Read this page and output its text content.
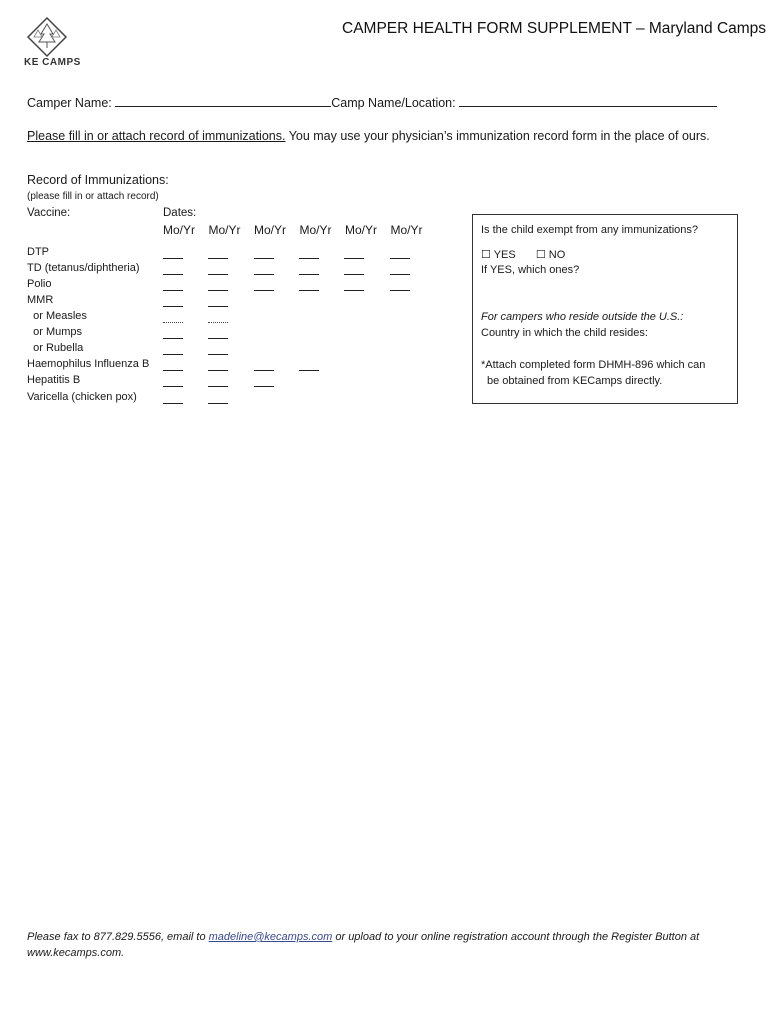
KE CAMPS
CAMPER HEALTH FORM SUPPLEMENT – Maryland Camps
Camper Name:	Camp Name/Location:
Please fill in or attach record of immunizations. You may use your physician’s immunization record form in the place of ours.
Record of Immunizations:
(please fill in or attach record)
Vaccine:	Dates:
Mo/Yr Mo/Yr Mo/Yr Mo/Yr Mo/Yr Mo/Yr
DTP
TD (tetanus/diphtheria)
Polio
MMR
or Measles
or Mumps
or Rubella
Haemophilus Influenza B
Hepatitis B
Varicella (chicken pox)
Is the child exempt from any immunizations?
☐ YES ☐ NO
If YES, which ones?
For campers who reside outside the U.S.:
Country in which the child resides:
*Attach completed form DHMH-896 which can
be obtained from KECamps directly.
Please fax to 877.829.5556, email to madeline@kecamps.com or upload to your online registration account through the Register Button at www.kecamps.com.
